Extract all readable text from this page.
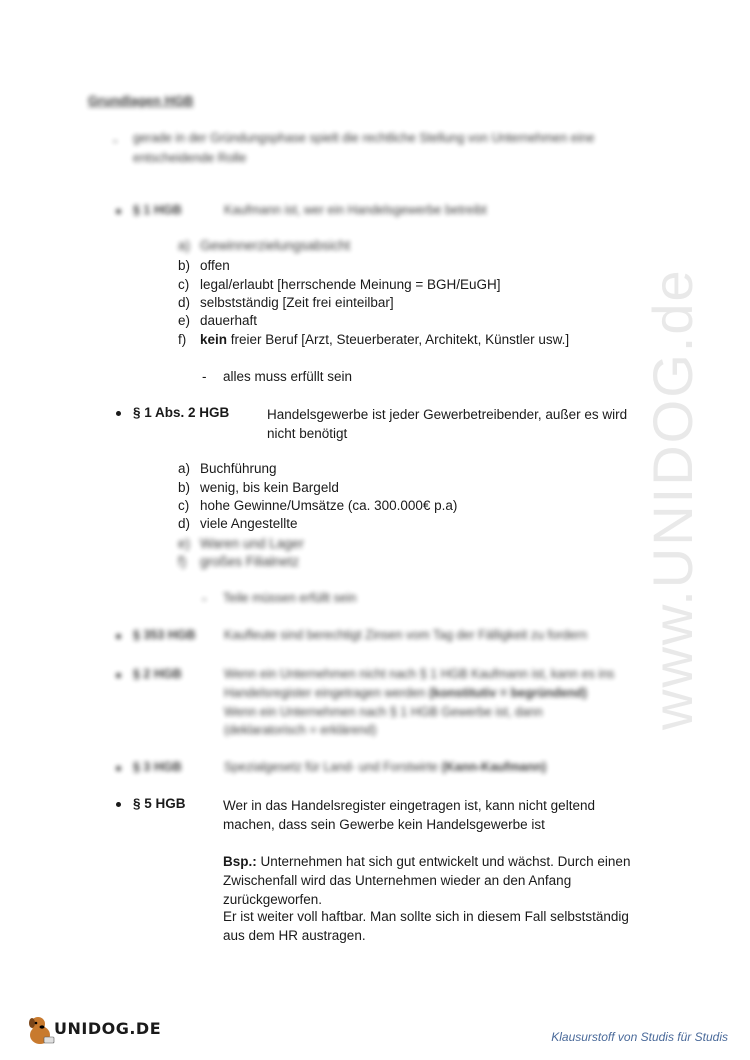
www.UNIDOG.de
Grundlagen HGB
- gerade in der Gründungsphase spielt die rechtliche Stellung von Unternehmen eine entscheidende Rolle
§ 1 HGB	Kaufmann ist, wer ein Handelsgewerbe betreibt
a) Gewinnerzielungsabsicht
b) offen
c) legal/erlaubt [herrschende Meinung = BGH/EuGH]
d) selbstständig [Zeit frei einteilbar]
e) dauerhaft
f) kein freier Beruf [Arzt, Steuerberater, Architekt, Künstler usw.]
- alles muss erfüllt sein
§ 1 Abs. 2 HGB	Handelsgewerbe ist jeder Gewerbetreibender, außer es wird nicht benötigt
a) Buchführung
b) wenig, bis kein Bargeld
c) hohe Gewinne/Umsätze (ca. 300.000€ p.a)
d) viele Angestellte
e) Waren und Lager
f) großes Filialnetz
- Teile müssen erfüllt sein
§ 353 HGB Kaufleute sind berechtigt Zinsen vom Tag der Fälligkeit zu fordern
§ 2 HGB	Wenn ein Unternehmen nicht nach § 1 HGB Kaufmann ist, kann es ins
Handelsregister eingetragen werden (konstitutiv = begründend)
Wenn ein Unternehmen nach § 1 HGB Gewerbe ist, dann
(deklaratorisch = erklärend)
§ 3 HGB	Spezialgesetz für Land- und Forstwirte (Kann-Kaufmann)
§ 5 HGB	Wer in das Handelsregister eingetragen ist, kann nicht geltend machen, dass sein Gewerbe kein Handelsgewerbe ist
Bsp.: Unternehmen hat sich gut entwickelt und wächst. Durch einen Zwischenfall wird das Unternehmen wieder an den Anfang zurückgeworfen.
Er ist weiter voll haftbar. Man sollte sich in diesem Fall selbstständig aus dem HR austragen.
UNIDOG.DE	Klausurstoff von Studis für Studis
